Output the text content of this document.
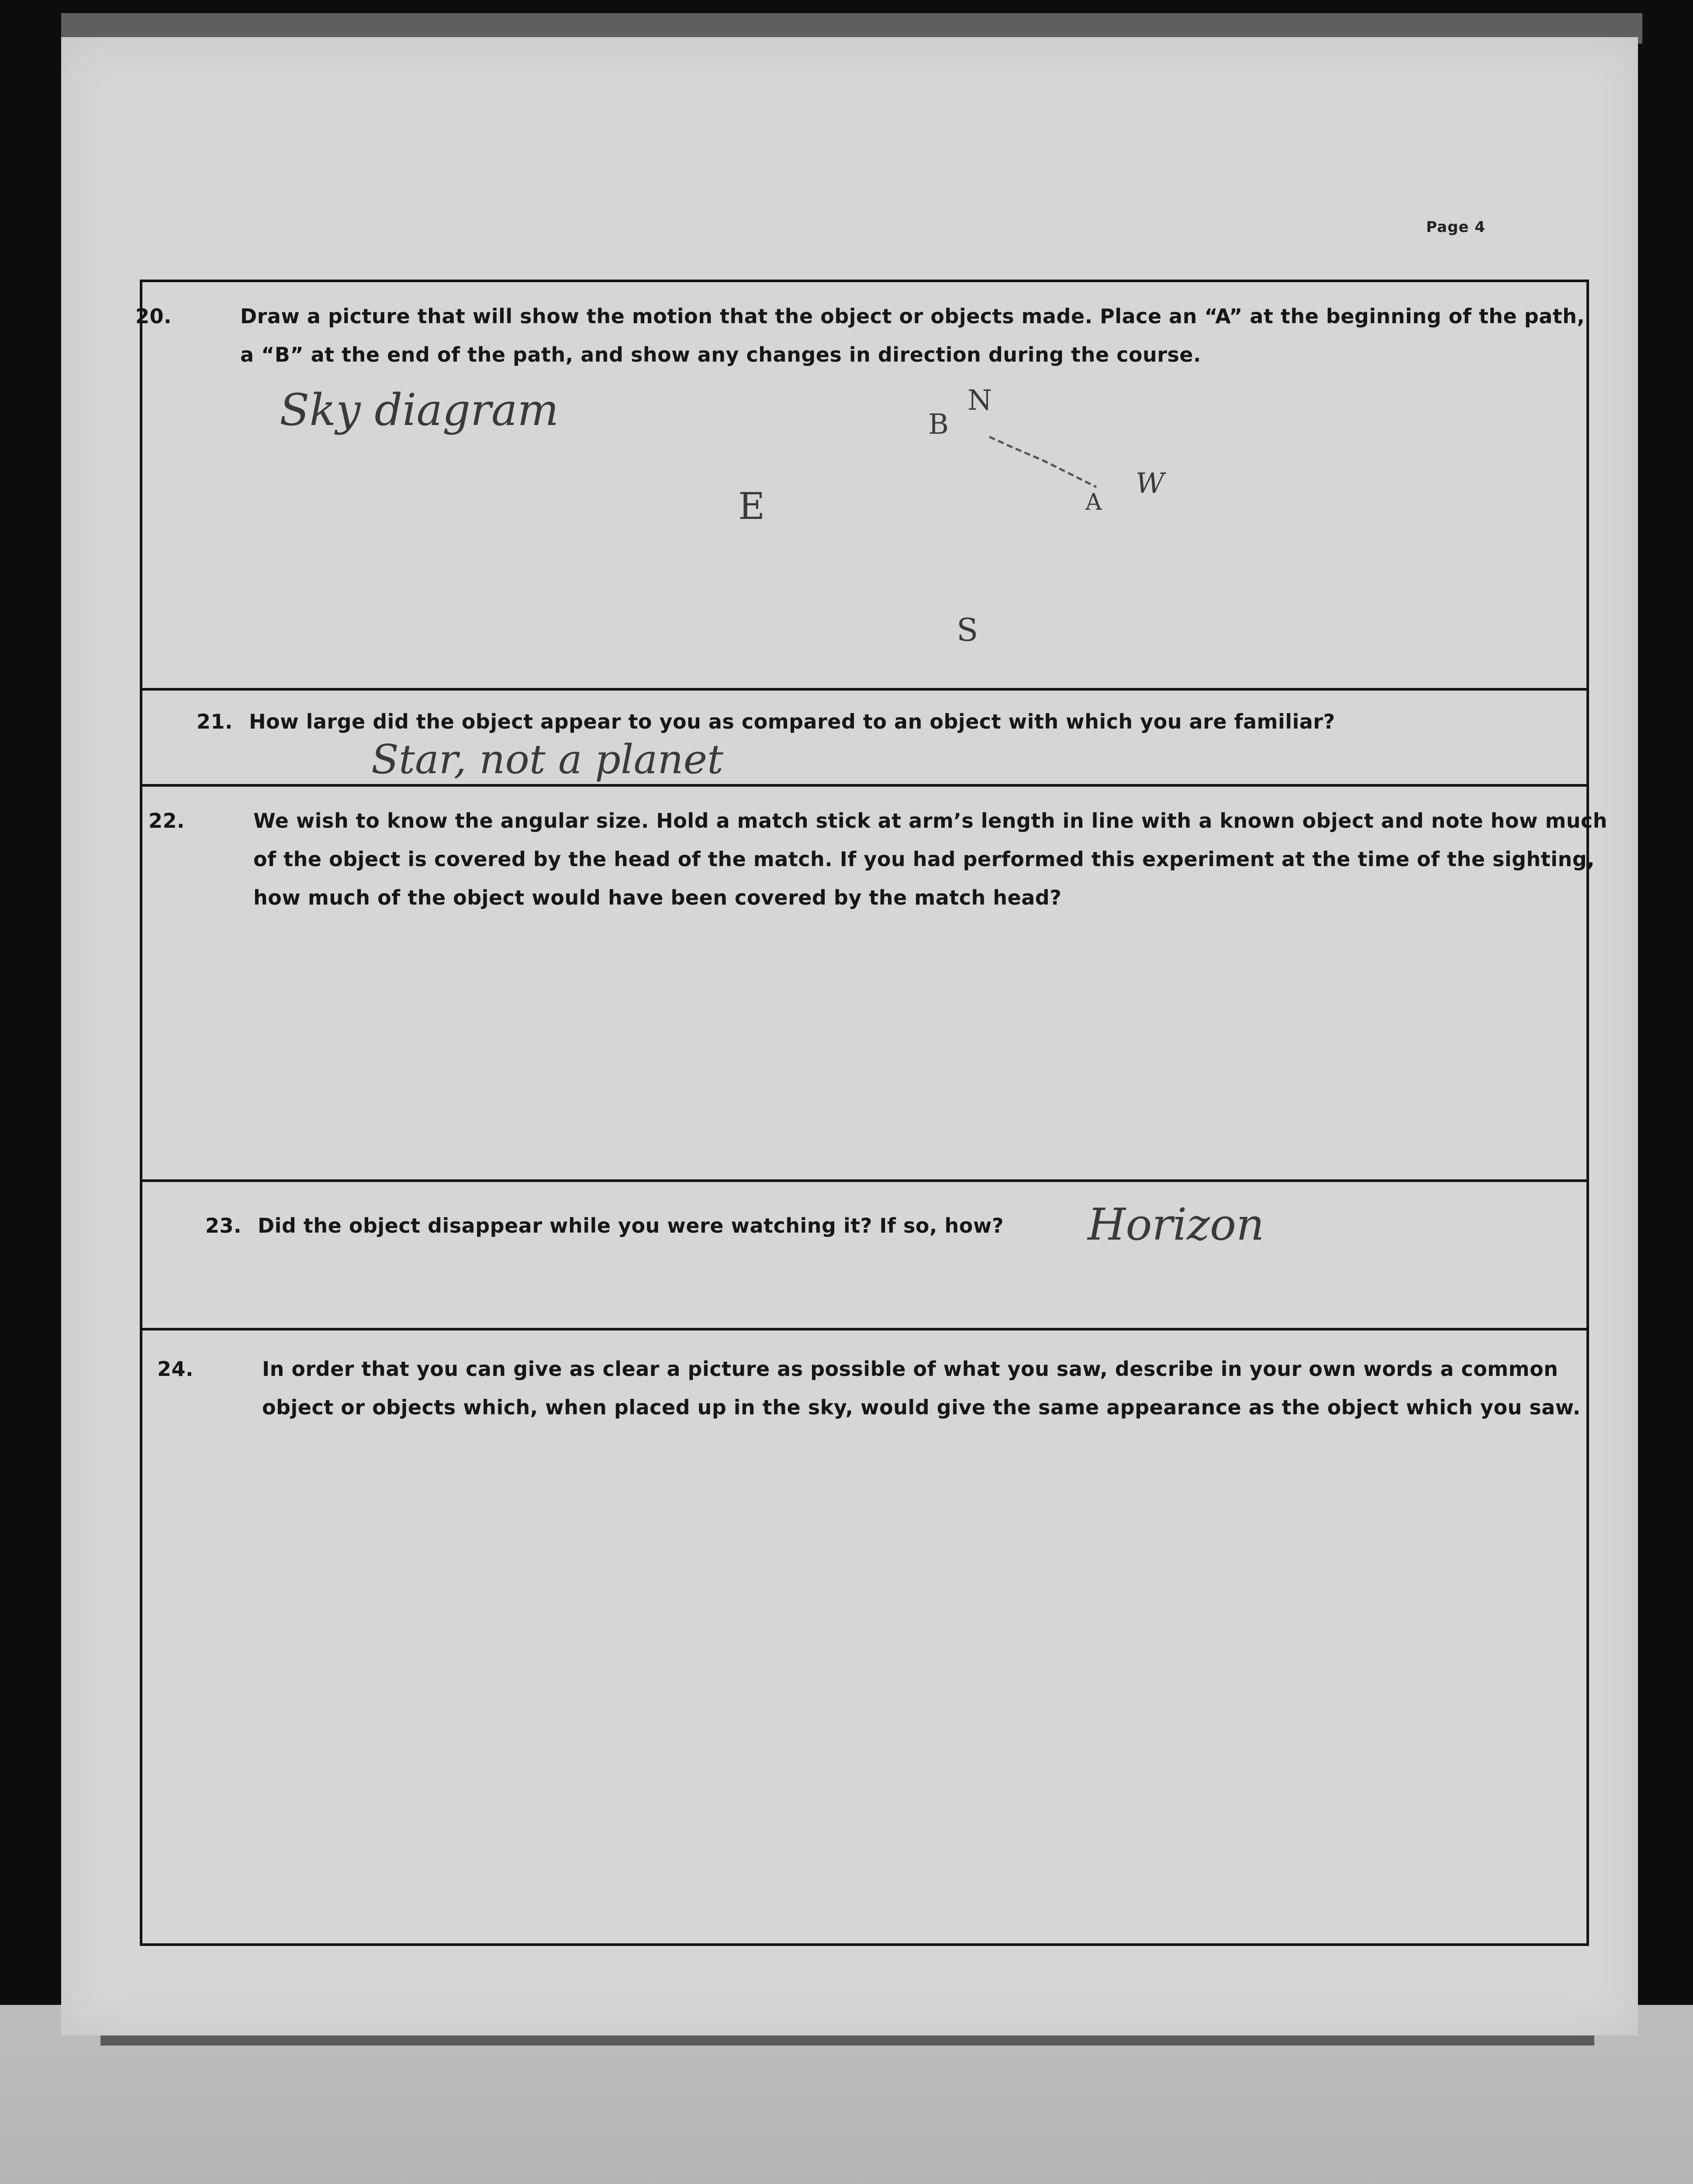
Page 4
20.	Draw a picture that will show the motion that the object or objects made. Place an “A” at the beginning of the path, a “B” at the end of the path, and show any changes in direction during the course.
Sky diagram	N
B
W
A
E
S
21. How large did the object appear to you as compared to an object with which you are familiar?
Star, not a planet
22.	We wish to know the angular size. Hold a match stick at arm’s length in line with a known object and note how much of the object is covered by the head of the match. If you had performed this experiment at the time of the sighting, how much of the object would have been covered by the match head?
23. Did the object disappear while you were watching it? If so, how?	Horizon
24.	In order that you can give as clear a picture as possible of what you saw, describe in your own words a common object or objects which, when placed up in the sky, would give the same appearance as the object which you saw.
